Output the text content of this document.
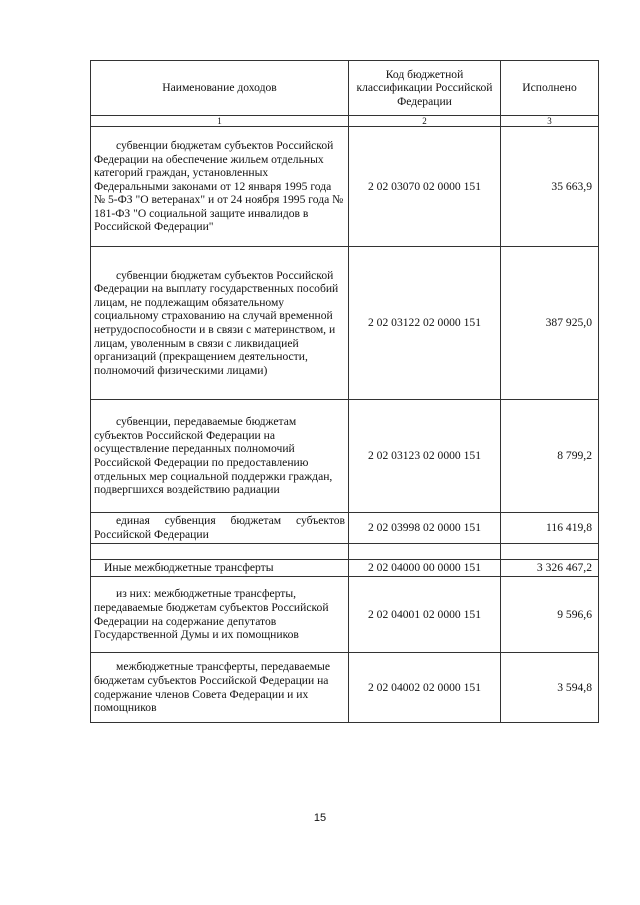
Наименование доходов	Код бюджетной классификации Российской Федерации	Исполнено
1	2	3
субвенции бюджетам субъектов Российской Федерации на обеспечение жильем отдельных категорий граждан, установленных Федеральными законами от 12 января 1995 года № 5-ФЗ "О ветеранах" и от 24 ноября 1995 года № 181-ФЗ "О социальной защите инвалидов в Российской Федерации"	2 02 03070 02 0000 151	35 663,9
субвенции бюджетам субъектов Российской Федерации на выплату государственных пособий лицам, не подлежащим обязательному социальному страхованию на случай временной нетрудоспособности и в связи с материнством, и лицам, уволенным в связи с ликвидацией организаций (прекращением деятельности, полномочий физическими лицами)	2 02 03122 02 0000 151	387 925,0
субвенции, передаваемые бюджетам субъектов Российской Федерации на осуществление переданных полномочий Российской Федерации по предоставлению отдельных мер социальной поддержки граждан, подвергшихся воздействию радиации	2 02 03123 02 0000 151	8 799,2
единая субвенция бюджетам субъектов Российской Федерации	2 02 03998 02 0000 151	116 419,8

Иные межбюджетные трансферты	2 02 04000 00 0000 151	3 326 467,2
из них: межбюджетные трансферты, передаваемые бюджетам субъектов Российской Федерации на содержание депутатов Государственной Думы и их помощников	2 02 04001 02 0000 151	9 596,6
межбюджетные трансферты, передаваемые бюджетам субъектов Российской Федерации на содержание членов Совета Федерации и их помощников	2 02 04002 02 0000 151	3 594,8
15
